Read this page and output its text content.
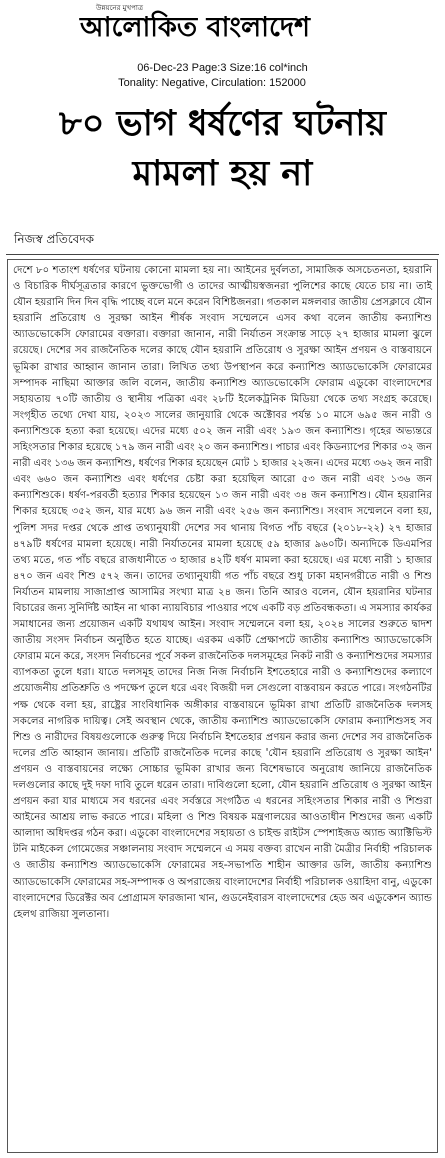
উন্নয়নের মুখপাত্র
আলোকিত বাংলাদেশ
06-Dec-23 Page:3 Size:16 col*inch
Tonality: Negative, Circulation: 152000
৮০ ভাগ ধর্ষণের ঘটনায়
মামলা হয় না
নিজস্ব প্রতিবেদক

দেশে ৮০ শতাংশ ধর্ষণের ঘটনায় কোনো মামলা হয় না। আইনের দুর্বলতা, সামাজিক অসচেতনতা, হয়রানি ও বিচারিক দীর্ঘসূত্রতার কারণে ভুক্তভোগী ও তাদের আত্মীয়স্বজনরা পুলিশের কাছে যেতে চায় না। তাই যৌন হয়রানি দিন দিন বৃদ্ধি পাচ্ছে বলে মনে করেন বিশিষ্টজনরা। গতকাল মঙ্গলবার জাতীয় প্রেসক্লাবে যৌন হয়রানি প্রতিরোধ ও সুরক্ষা আইন শীর্ষক সংবাদ সম্মেলনে এসব কথা বলেন জাতীয় কন্যাশিশু অ্যাডভোকেসি ফোরামের বক্তারা। বক্তারা জানান, নারী নির্যাতন সংক্রান্ত সাড়ে ২৭ হাজার মামলা ঝুলে রয়েছে। দেশের সব রাজনৈতিক দলের কাছে যৌন হয়রানি প্রতিরোধ ও সুরক্ষা আইন প্রণয়ন ও বাস্তবায়নে ভূমিকা রাখার আহ্বান জানান তারা। লিখিত তথ্য উপস্থাপন করে কন্যাশিশু অ্যাডভোকেসি ফোরামের সম্পাদক নাছিমা আক্তার জলি বলেন, জাতীয় কন্যাশিশু অ্যাডভোকেসি ফোরাম এডুকো বাংলাদেশের সহায়তায় ৭০টি জাতীয় ও স্থানীয় পত্রিকা এবং ২৮টি ইলেকট্রনিক মিডিয়া থেকে তথ্য সংগ্রহ করেছে। সংগৃহীত তথ্যে দেখা যায়, ২০২৩ সালের জানুয়ারি থেকে অক্টোবর পর্যন্ত ১০ মাসে ৬৯৫ জন নারী ও কন্যাশিশুকে হত্যা করা হয়েছে। এদের মধ্যে ৫০২ জন নারী এবং ১৯৩ জন কন্যাশিশু। গৃহের অভ্যন্তরে সহিংসতার শিকার হয়েছে ১৭৯ জন নারী এবং ২০ জন কন্যাশিশু। পাচার এবং কিডন্যাপের শিকার ৩২ জন নারী এবং ১৩৬ জন কন্যাশিশু, ধর্ষণের শিকার হয়েছেন মোট ১ হাজার ২২জন। এদের মধ্যে ৩৬২ জন নারী এবং ৬৬০ জন কন্যাশিশু এবং ধর্ষণের চেষ্টা করা হয়েছিল আরো ৫৩ জন নারী এবং ১৩৬ জন কন্যাশিশুকে। ধর্ষণ-পরবর্তী হত্যার শিকার হয়েছেন ১৩ জন নারী এবং ৩৪ জন কন্যাশিশু। যৌন হয়রানির শিকার হয়েছে ৩৫২ জন, যার মধ্যে ৯৬ জন নারী এবং ২৫৬ জন কন্যাশিশু। সংবাদ সম্মেলনে বলা হয়, পুলিশ সদর দপ্তর থেকে প্রাপ্ত তথ্যানুযায়ী দেশের সব থানায় বিগত পাঁচ বছরে (২০১৮-২২) ২৭ হাজার ৪৭৯টি ধর্ষণের মামলা হয়েছে। নারী নির্যাতনের মামলা হয়েছে ৫৯ হাজার ৯৬০টি। অন্যদিকে ডিএমপির তথ্য মতে, গত পাঁচ বছরে রাজধানীতে ৩ হাজার ৪২টি ধর্ষণ মামলা করা হয়েছে। এর মধ্যে নারী ১ হাজার ৪৭০ জন এবং শিশু ৫৭২ জন। তাদের তথ্যানুযায়ী গত পাঁচ বছরে শুধু ঢাকা মহানগরীতে নারী ও শিশু নির্যাতন মামলায় সাজাপ্রাপ্ত আসামির সংখ্যা মাত্র ২৪ জন। তিনি আরও বলেন, যৌন হয়রানির ঘটনার বিচারের জন্য সুনির্দিষ্ট আইন না থাকা ন্যায়বিচার পাওয়ার পথে একটি বড় প্রতিবন্ধকতা। এ সমস্যার কার্যকর সমাধানের জন্য প্রয়োজন একটি যথাযথ আইন। সংবাদ সম্মেলনে বলা হয়, ২০২৪ সালের শুরুতে দ্বাদশ জাতীয় সংসদ নির্বাচন অনুষ্ঠিত হতে যাচ্ছে। এরকম একটি প্রেক্ষাপটে জাতীয় কন্যাশিশু অ্যাডভোকেসি ফোরাম মনে করে, সংসদ নির্বাচনের পূর্বে সকল রাজনৈতিক দলসমূহের নিকট নারী ও কন্যাশিশুদের সমস্যার ব্যাপকতা তুলে ধরা। যাতে দলসমূহ তাদের নিজ নিজ নির্বাচনি ইশতেহারে নারী ও কন্যাশিশুদের কল্যাণে প্রয়োজনীয় প্রতিশ্রুতি ও পদক্ষেপ তুলে ধরে এবং বিজয়ী দল সেগুলো বাস্তবায়ন করতে পারে। সংগঠনটির পক্ষ থেকে বলা হয়, রাষ্ট্রের সাংবিধানিক অঙ্গীকার বাস্তবায়নে ভূমিকা রাখা প্রতিটি রাজনৈতিক দলসহ সকলের নাগরিক দায়িত্ব। সেই অবস্থান থেকে, জাতীয় কন্যাশিশু অ্যাডভোকেসি ফোরাম কন্যাশিশুসহ সব শিশু ও নারীদের বিষয়গুলোকে গুরুত্ব দিয়ে নির্বাচনি ইশতেহার প্রণয়ন করার জন্য দেশের সব রাজনৈতিক দলের প্রতি আহ্বান জানায়। প্রতিটি রাজনৈতিক দলের কাছে 'যৌন হয়রানি প্রতিরোধ ও সুরক্ষা আইন' প্রণয়ন ও বাস্তবায়নের লক্ষ্যে সোচ্চার ভূমিকা রাখার জন্য বিশেষভাবে অনুরোধ জানিয়ে রাজনৈতিক দলগুলোর কাছে দুই দফা দাবি তুলে ধরেন তারা। দাবিগুলো হলো, যৌন হয়রানি প্রতিরোধ ও সুরক্ষা আইন প্রণয়ন করা যার মাধ্যমে সব ধরনের এবং সর্বস্তরে সংগঠিত এ ধরনের সহিংসতার শিকার নারী ও শিশুরা আইনের আশ্রয় লাভ করতে পারে। মহিলা ও শিশু বিষয়ক মন্ত্রণালয়ের আওতাধীন শিশুদের জন্য একটি আলাদা অধিদপ্তর গঠন করা। এডুকো বাংলাদেশের সহায়তা ও চাইল্ড রাইটস স্পেশাইজড অ্যান্ড অ্যাক্টিভিস্ট টনি মাইকেল গোমেজের সঞ্চালনায় সংবাদ সম্মেলনে এ সময় বক্তব্য রাখেন নারী মৈত্রীর নির্বাহী পরিচালক ও জাতীয় কন্যাশিশু অ্যাডভোকেসি ফোরামের সহ-সভাপতি শাহীন আক্তার ডলি, জাতীয় কন্যাশিশু অ্যাডভোকেসি ফোরামের সহ-সম্পাদক ও অপরাজেয় বাংলাদেশের নির্বাহী পরিচালক ওয়াহিদা বানু, এডুকো বাংলাদেশের ডিরেক্টর অব প্রোগ্রামস ফারজানা খান, গুডনেইবারস বাংলাদেশের হেড অব এডুকেশন অ্যান্ড হেলথ রাজিয়া সুলতানা।
